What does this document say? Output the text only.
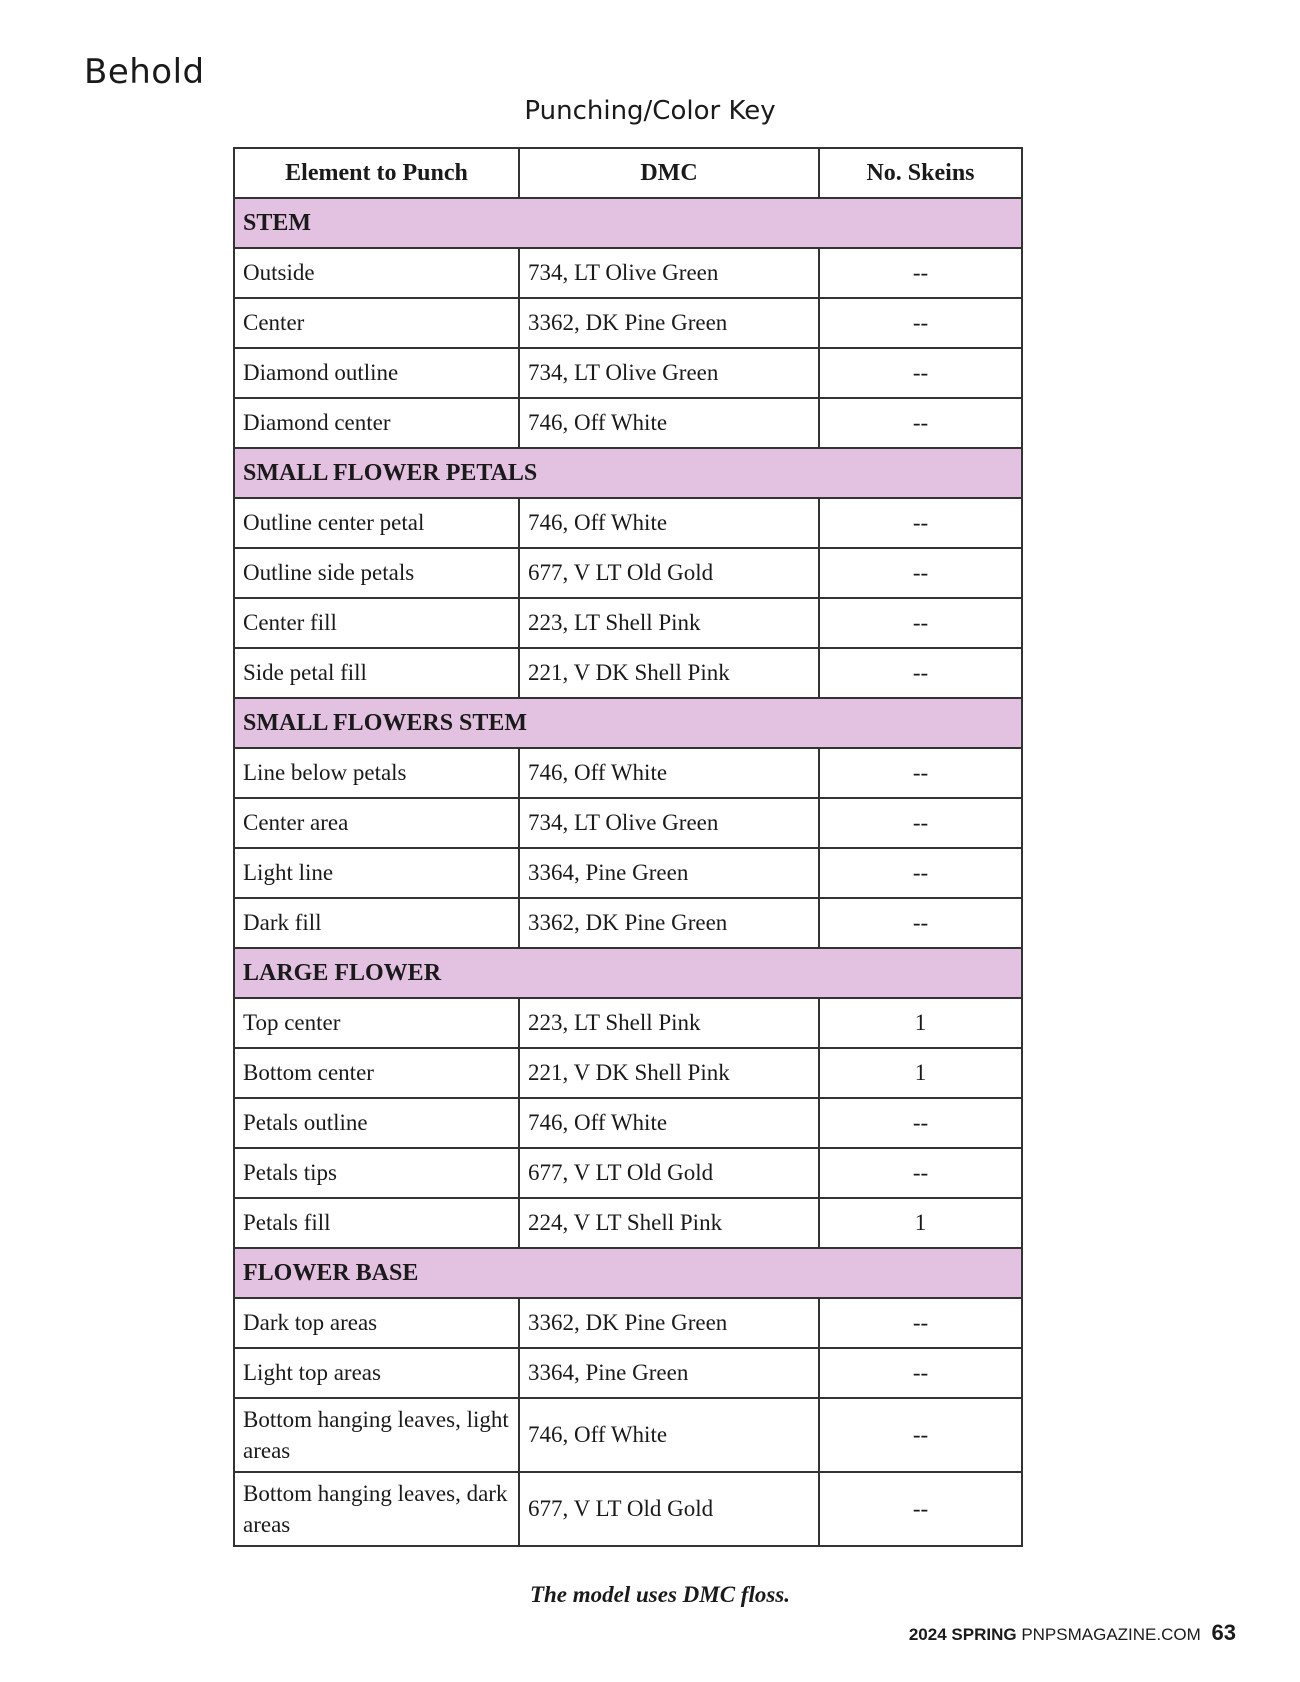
Behold
Punching/Color Key
Element to Punch	DMC	No. Skeins
STEM		
Outside	734, LT Olive Green	--
Center	3362, DK Pine Green	--
Diamond outline	734, LT Olive Green	--
Diamond center	746, Off White	--
SMALL FLOWER PETALS		
Outline center petal	746, Off White	--
Outline side petals	677, V LT Old Gold	--
Center fill	223, LT Shell Pink	--
Side petal fill	221, V DK Shell Pink	--
SMALL FLOWERS STEM		
Line below petals	746, Off White	--
Center area	734, LT Olive Green	--
Light line	3364, Pine Green	--
Dark fill	3362, DK Pine Green	--
LARGE FLOWER		
Top center	223, LT Shell Pink	1
Bottom center	221, V DK Shell Pink	1
Petals outline	746, Off White	--
Petals tips	677, V LT Old Gold	--
Petals fill	224, V LT Shell Pink	1
FLOWER BASE		
Dark top areas	3362, DK Pine Green	--
Light top areas	3364, Pine Green	--
Bottom hanging leaves, light areas	746, Off White	--
Bottom hanging leaves, dark areas	677, V LT Old Gold	--
The model uses DMC floss.
2024 SPRING PNPSMAGAZINE.COM 63
